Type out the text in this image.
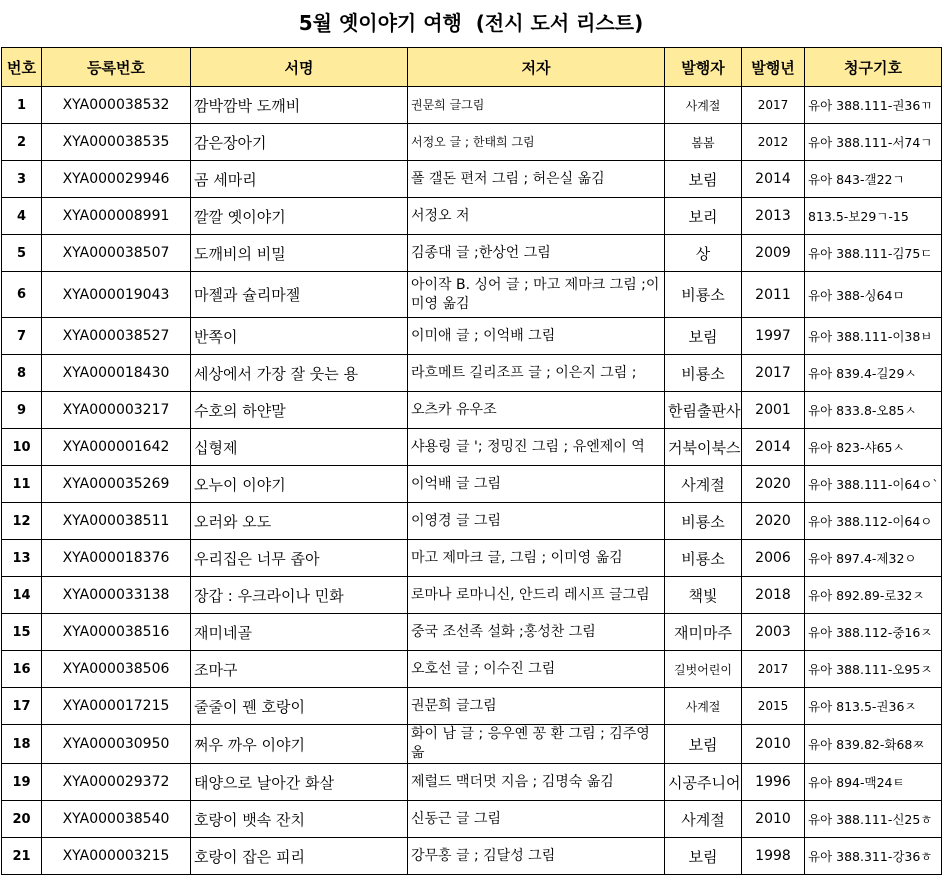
5월 옛이야기 여행  (전시 도서 리스트)
번호	등록번호	서명	저자	발행자	발행년	청구기호
1	XYA000038532	깜박깜박 도깨비	권문희 글그림	사계절	2017	유아 388.111-권36ㄲ
2	XYA000038535	감은장아기	서정오 글 ; 한태희 그림	봄봄	2012	유아 388.111-서74ㄱ
3	XYA000029946	곰 세마리	폴 갤돈 편저 그림 ; 허은실 옮김	보림	2014	유아 843-갤22ㄱ
4	XYA000008991	깔깔 옛이야기	서정오 저	보리	2013	813.5-보29ㄱ-15
5	XYA000038507	도깨비의 비밀	김종대 글 ;한상언 그림	상	2009	유아 388.111-김75ㄷ
6	XYA000019043	마젤과 슐리마젤	아이작 B. 싱어 글 ; 마고 제마크 그림 ;이미영 옮김	비룡소	2011	유아 388-싱64ㅁ
7	XYA000038527	반쪽이	이미애 글 ; 이억배 그림	보림	1997	유아 388.111-이38ㅂ
8	XYA000018430	세상에서 가장 잘 웃는 용	라흐메트 길리조프 글 ; 이은지 그림 ;	비룡소	2017	유아 839.4-길29ㅅ
9	XYA000003217	수호의 하얀말	오츠카 유우조	한림출판사	2001	유아 833.8-오85ㅅ
10	XYA000001642	십형제	샤용링 글 '; 정밍진 그림 ; 유엔제이 역	거북이북스	2014	유아 823-샤65ㅅ
11	XYA000035269	오누이 이야기	이억배 글 그림	사계절	2020	유아 388.111-이64ㅇ`
12	XYA000038511	오러와 오도	이영경 글 그림	비룡소	2020	유아 388.112-이64ㅇ
13	XYA000018376	우리집은 너무 좁아	마고 제마크 글, 그림 ; 이미영 옮김	비룡소	2006	유아 897.4-제32ㅇ
14	XYA000033138	장갑 : 우크라이나 민화	로마나 로마니신, 안드리 레시프 글그림	책빛	2018	유아 892.89-로32ㅈ
15	XYA000038516	재미네골	중국 조선족 설화 ;홍성찬 그림	재미마주	2003	유아 388.112-중16ㅈ
16	XYA000038506	조마구	오호선 글 ; 이수진 그림	길벗어린이	2017	유아 388.111-오95ㅈ
17	XYA000017215	줄줄이 꿴 호랑이	권문희 글그림	사계절	2015	유아 813.5-권36ㅈ
18	XYA000030950	쩌우 까우 이야기	화이 남 글 ; 응우옌 꽁 환 그림 ; 김주영 옮	보림	2010	유아 839.82-화68ㅉ
19	XYA000029372	태양으로 날아간 화살	제럴드 맥더멋 지음 ; 김명숙 옮김	시공주니어	1996	유아 894-맥24ㅌ
20	XYA000038540	호랑이 뱃속 잔치	신동근 글 그림	사계절	2010	유아 388.111-신25ㅎ
21	XYA000003215	호랑이 잡은 피리	강무홍 글 ; 김달성 그림	보림	1998	유아 388.311-강36ㅎ
